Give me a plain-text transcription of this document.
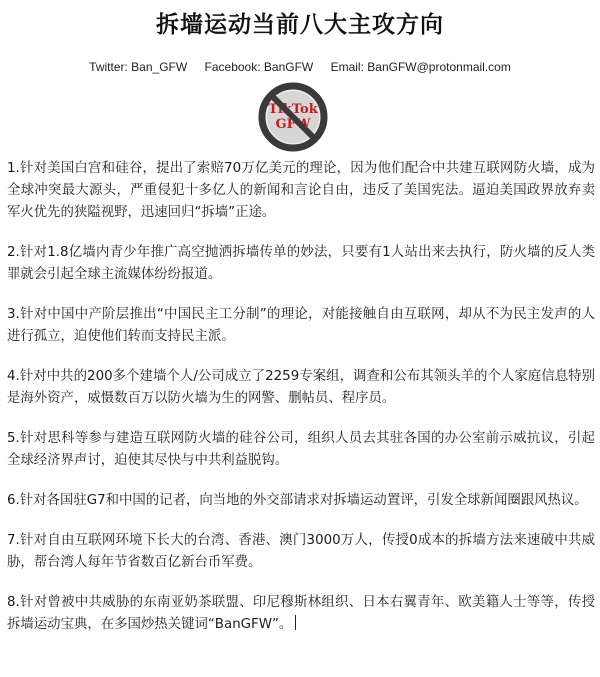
拆墙运动当前八大主攻方向
Twitter: Ban_GFW Facebook: BanGFW Email: BanGFW@protonmail.com
TikTok
GFW

1.针对美国白宫和硅谷，提出了索赔70万亿美元的理论，因为他们配合中共建互联网防火墙，成为全球冲突最大源头，严重侵犯十多亿人的新闻和言论自由，违反了美国宪法。逼迫美国政界放弃卖军火优先的狭隘视野，迅速回归“拆墙”正途。

2.针对1.8亿墙内青少年推广高空抛洒拆墙传单的妙法，只要有1人站出来去执行，防火墙的反人类罪就会引起全球主流媒体纷纷报道。

3.针对中国中产阶层推出“中国民主工分制”的理论，对能接触自由互联网，却从不为民主发声的人进行孤立，迫使他们转而支持民主派。

4.针对中共的200多个建墙个人/公司成立了2259专案组，调查和公布其领头羊的个人家庭信息特别是海外资产，威慑数百万以防火墙为生的网警、删帖员、程序员。

5.针对思科等参与建造互联网防火墙的硅谷公司，组织人员去其驻各国的办公室前示威抗议，引起全球经济界声讨，迫使其尽快与中共利益脱钩。

6.针对各国驻G7和中国的记者，向当地的外交部请求对拆墙运动置评，引发全球新闻圈跟风热议。

7.针对自由互联网环境下长大的台湾、香港、澳门3000万人，传授0成本的拆墙方法来速破中共威胁，帮台湾人每年节省数百亿新台币军费。

8.针对曾被中共威胁的东南亚奶茶联盟、印尼穆斯林组织、日本右翼青年、欧美籍人士等等，传授拆墙运动宝典，在多国炒热关键词“BanGFW”。
